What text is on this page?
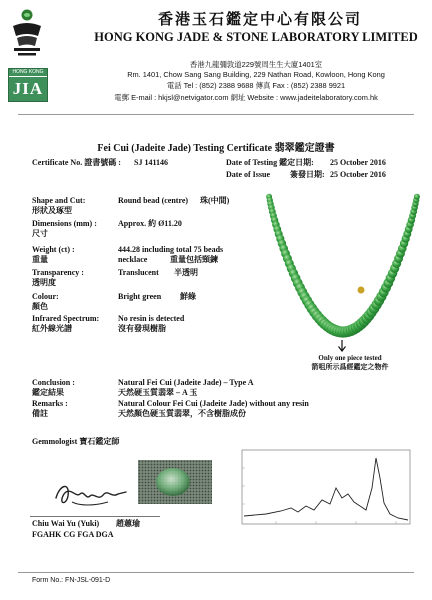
HONG KONG
JIA
香港玉石鑑定中心有限公司
HONG KONG JADE & STONE LABORATORY LIMITED
香港九龍彌敦道229號周生生大廈1401室
Rm. 1401, Chow Sang Sang Building, 229 Nathan Road, Kowloon, Hong Kong
電話 Tel : (852) 2388 9688 傳真 Fax : (852) 2388 9921
電郵 E-mail : hkjsl@netvigator.com 網址 Website : www.jadeitelaboratory.com.hk
Fei Cui (Jadeite Jade) Testing Certificate 翡翠鑑定證書
Certificate No. 證書號碼 : SJ 141146	Date of Testing 鑑定日期: 25 October 2016
Date of Issue	簽發日期: 25 October 2016
Shape and Cut:
形狀及琢型
Round bead (centre) 珠(中間)
Dimensions (mm) :
尺寸
Approx. 約 Ø11.20
Weight (ct) :
重量
444.28 including total 75 beads
necklace	重量包括頸鍊
Transparency :
透明度
Translucent 半透明
Colour:
顏色
Bright green 鮮綠
Infrared Spectrum:
紅外線光譜
No resin is detected
沒有發現樹脂
Only one piece tested
箭咀所示爲經鑑定之物件
Conclusion :
鑑定結果
Natural Fei Cui (Jadeite Jade) – Type A
天然硬玉質翡翠 – A 玉
Remarks :
備註
Natural Colour Fei Cui (Jadeite Jade) without any resin
天然顏色硬玉質翡翠，不含樹脂成份
Gemmologist 寶石鑑定師
Chiu Wai Yu (Yuki) 趙蕙瑜
FGAHK CG FGA DGA
Form No.: FN-JSL-091-D
